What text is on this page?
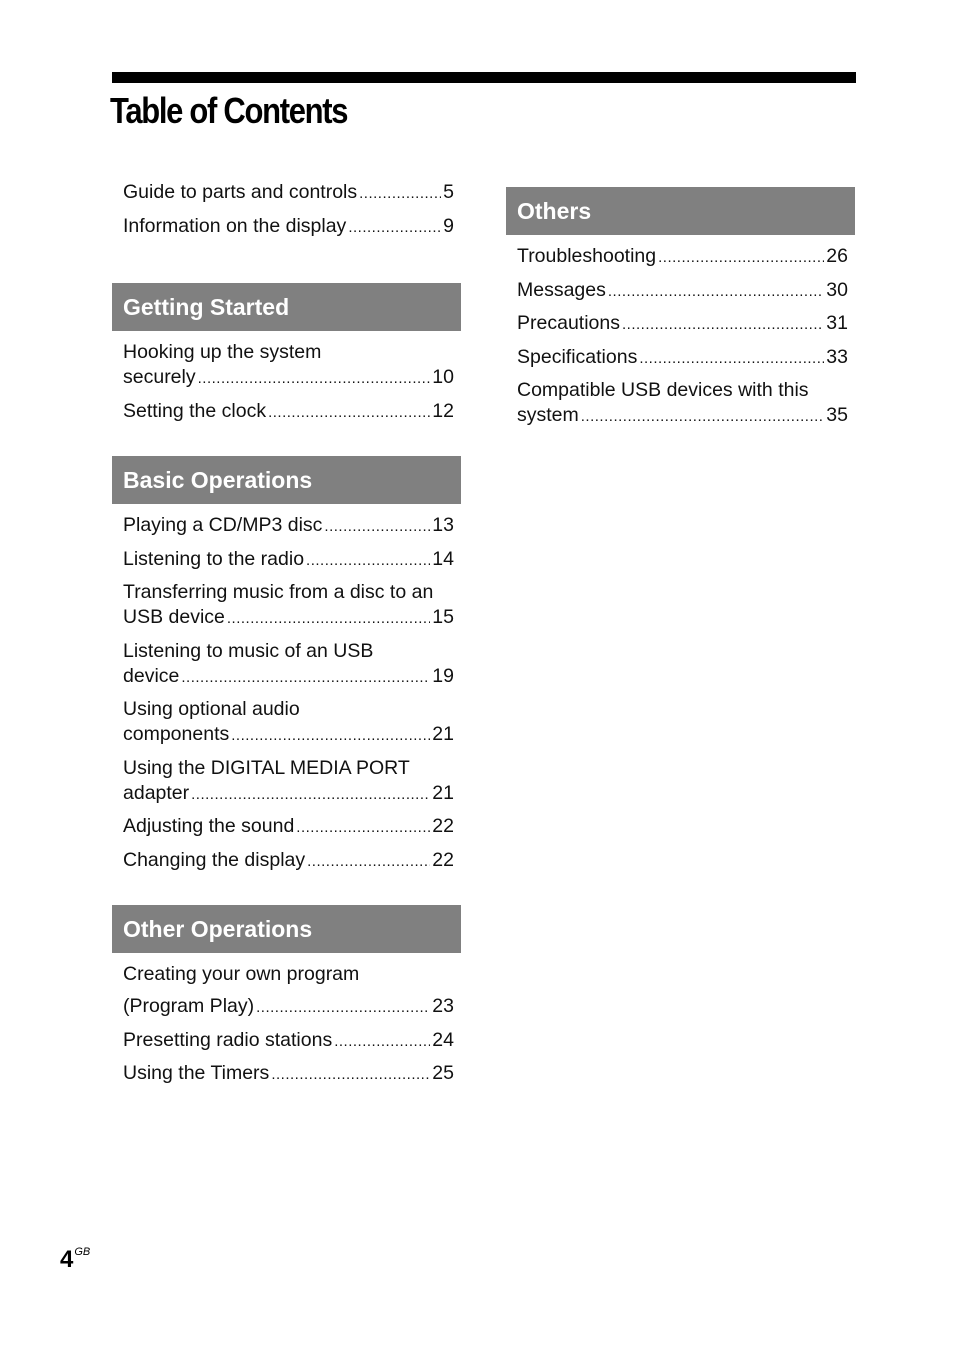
Table of Contents
Guide to parts and controls .....	5
Information on the display .....	9
Getting Started
Hooking up the system
securely .....	10
Setting the clock .....	12
Basic Operations
Playing a CD/MP3 disc .....	13
Listening to the radio .....	14
Transferring music from a disc to an
USB device .....	15
Listening to music of an USB
device .....	19
Using optional audio
components .....	21
Using the DIGITAL MEDIA PORT
adapter .....	21
Adjusting the sound .....	22
Changing the display .....	22
Other Operations
Creating your own program
(Program Play) .....	23
Presetting radio stations .....	24
Using the Timers .....	25
Others
Troubleshooting .....	26
Messages .....	30
Precautions .....	31
Specifications .....	33
Compatible USB devices with this
system .....	35
$4^{GB}$
